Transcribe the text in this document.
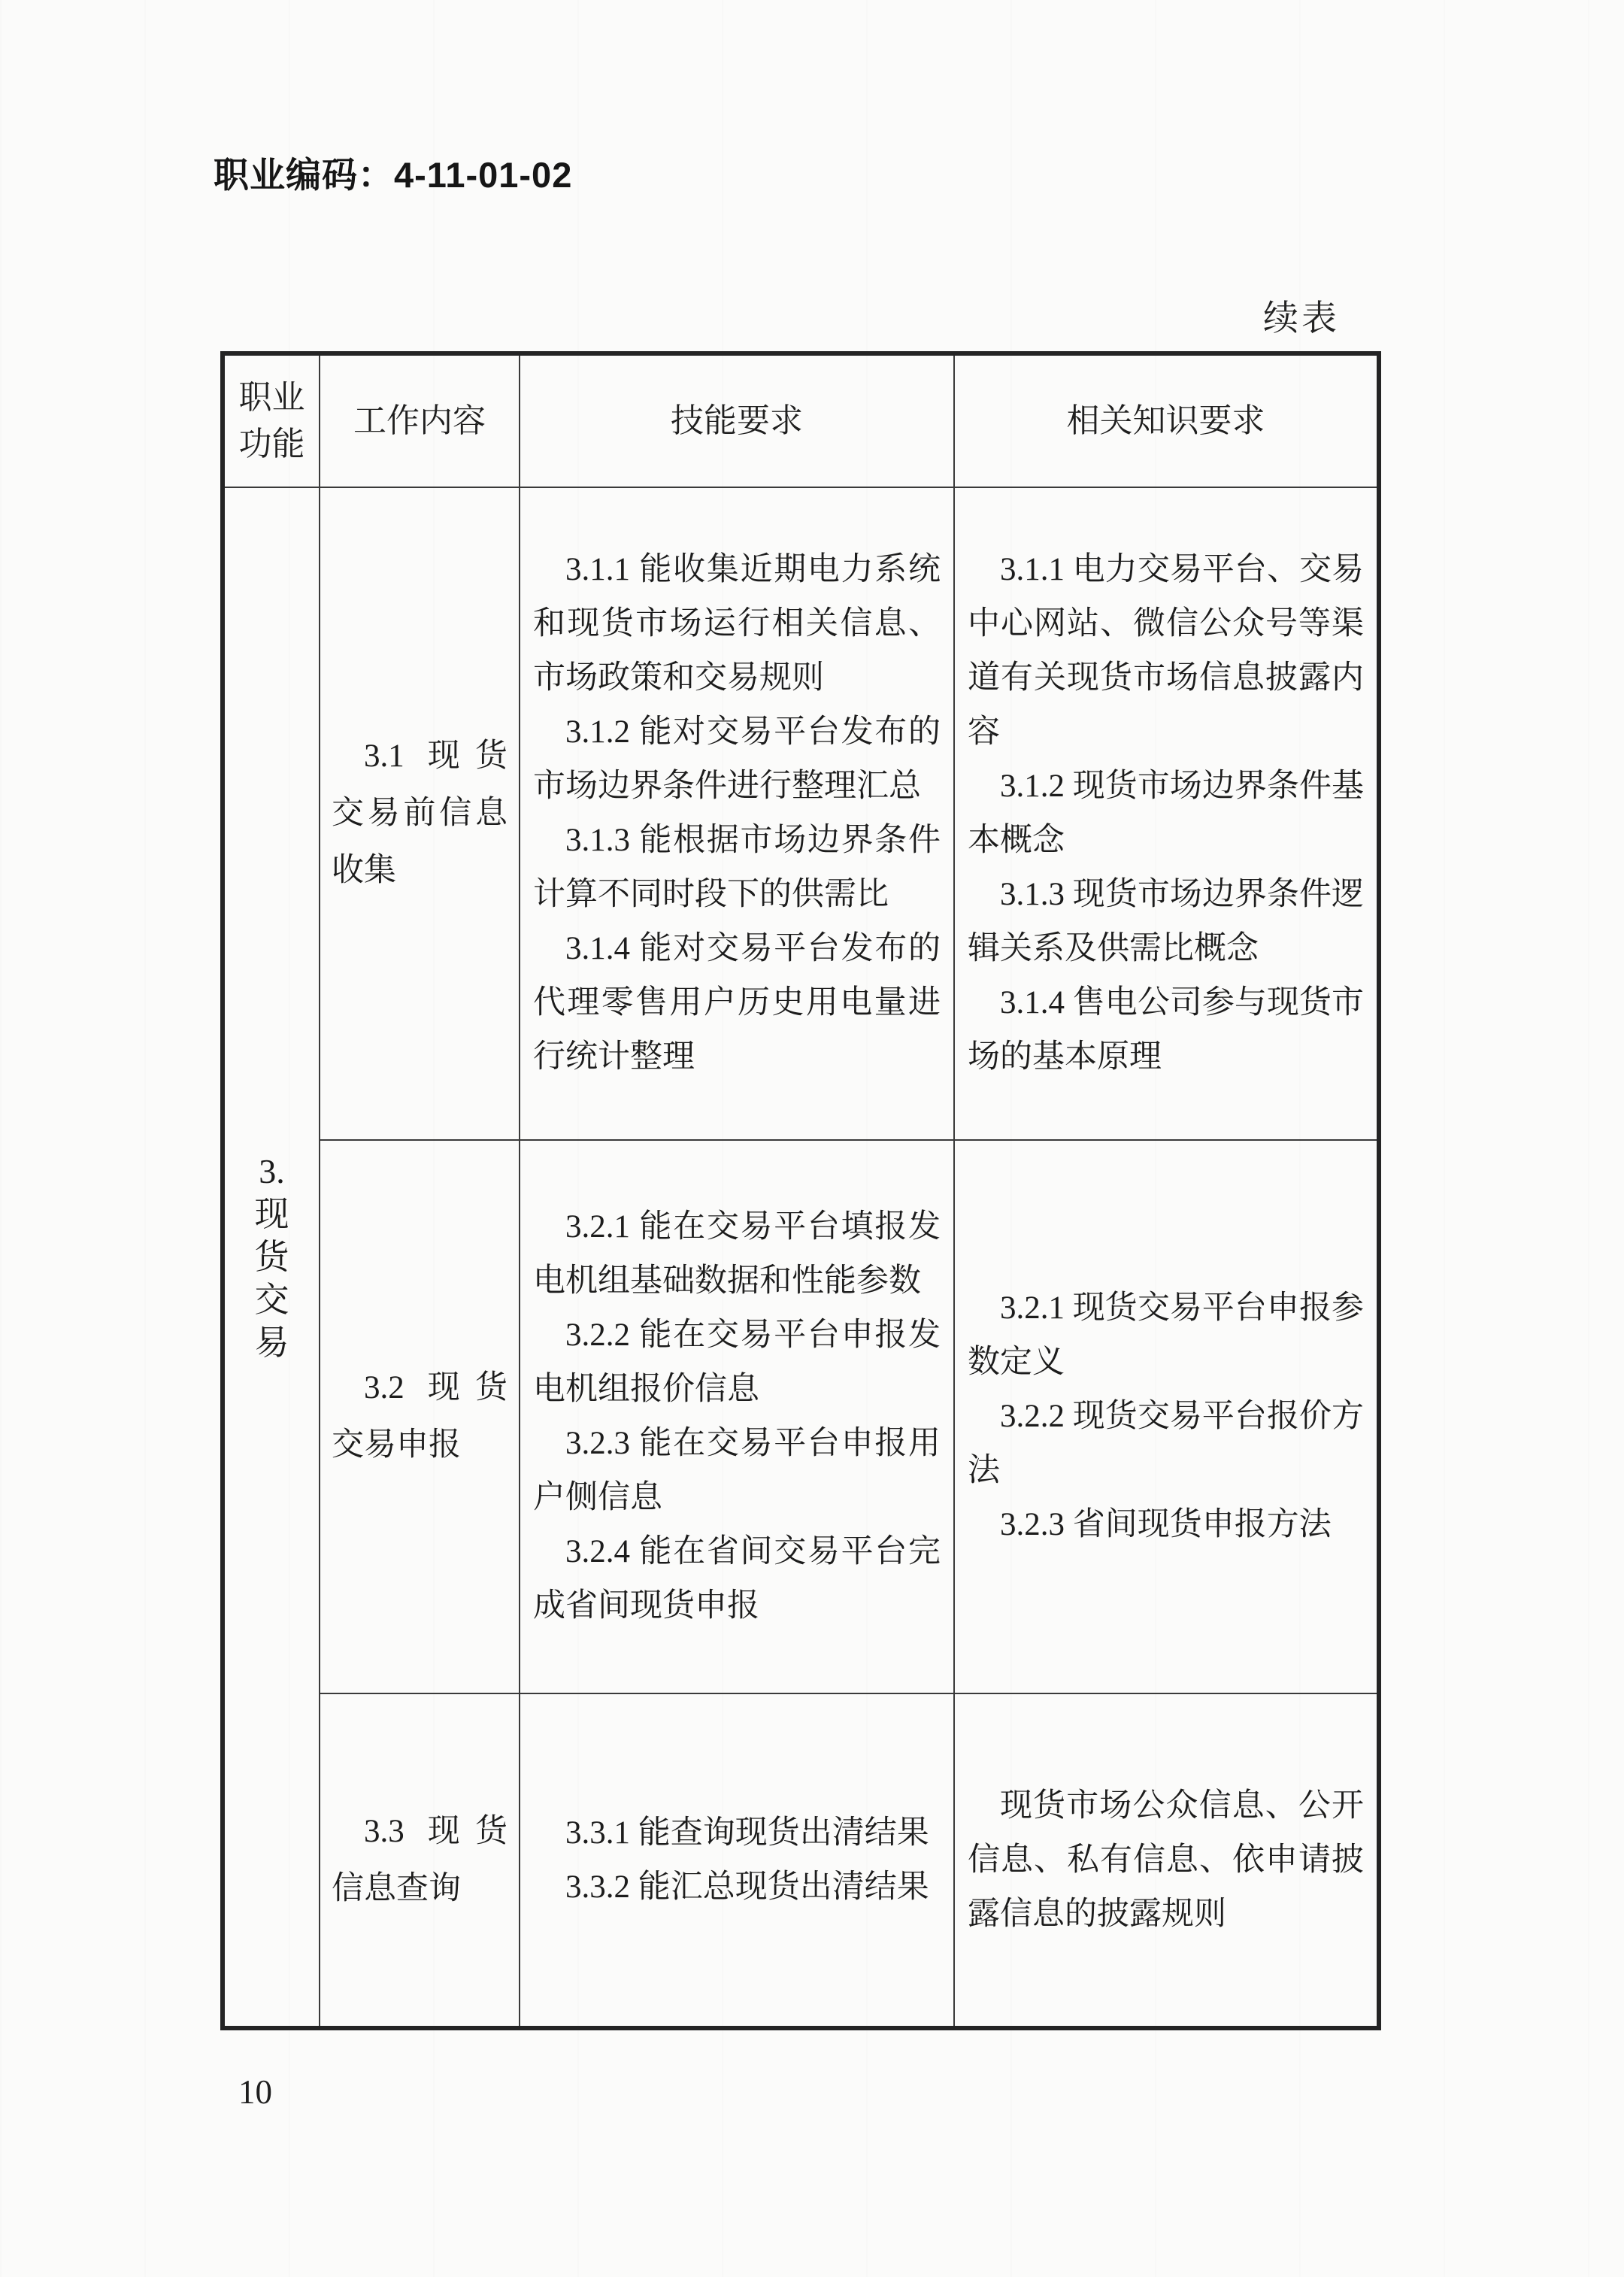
职业编码：4-11-01-02
续表
职业功能
工作内容	技能要求	相关知识要求

3.

现

货

交

易

3.1 现货交易前信息收集

3.1.1 能收集近期电力系统和现货市场运行相关信息、市场政策和交易规则

3.1.2 能对交易平台发布的市场边界条件进行整理汇总

3.1.3 能根据市场边界条件计算不同时段下的供需比

3.1.4 能对交易平台发布的代理零售用户历史用电量进行统计整理

3.1.1 电力交易平台、交易中心网站、微信公众号等渠道有关现货市场信息披露内容

3.1.2 现货市场边界条件基本概念

3.1.3 现货市场边界条件逻辑关系及供需比概念

3.1.4 售电公司参与现货市场的基本原理

3.2 现货交易申报

3.2.1 能在交易平台填报发电机组基础数据和性能参数

3.2.2 能在交易平台申报发电机组报价信息

3.2.3 能在交易平台申报用户侧信息

3.2.4 能在省间交易平台完成省间现货申报

3.2.1 现货交易平台申报参数定义

3.2.2 现货交易平台报价方法

3.2.3 省间现货申报方法

3.3 现货信息查询

3.3.1 能查询现货出清结果

3.3.2 能汇总现货出清结果

现货市场公众信息、公开信息、私有信息、依申请披露信息的披露规则

10
